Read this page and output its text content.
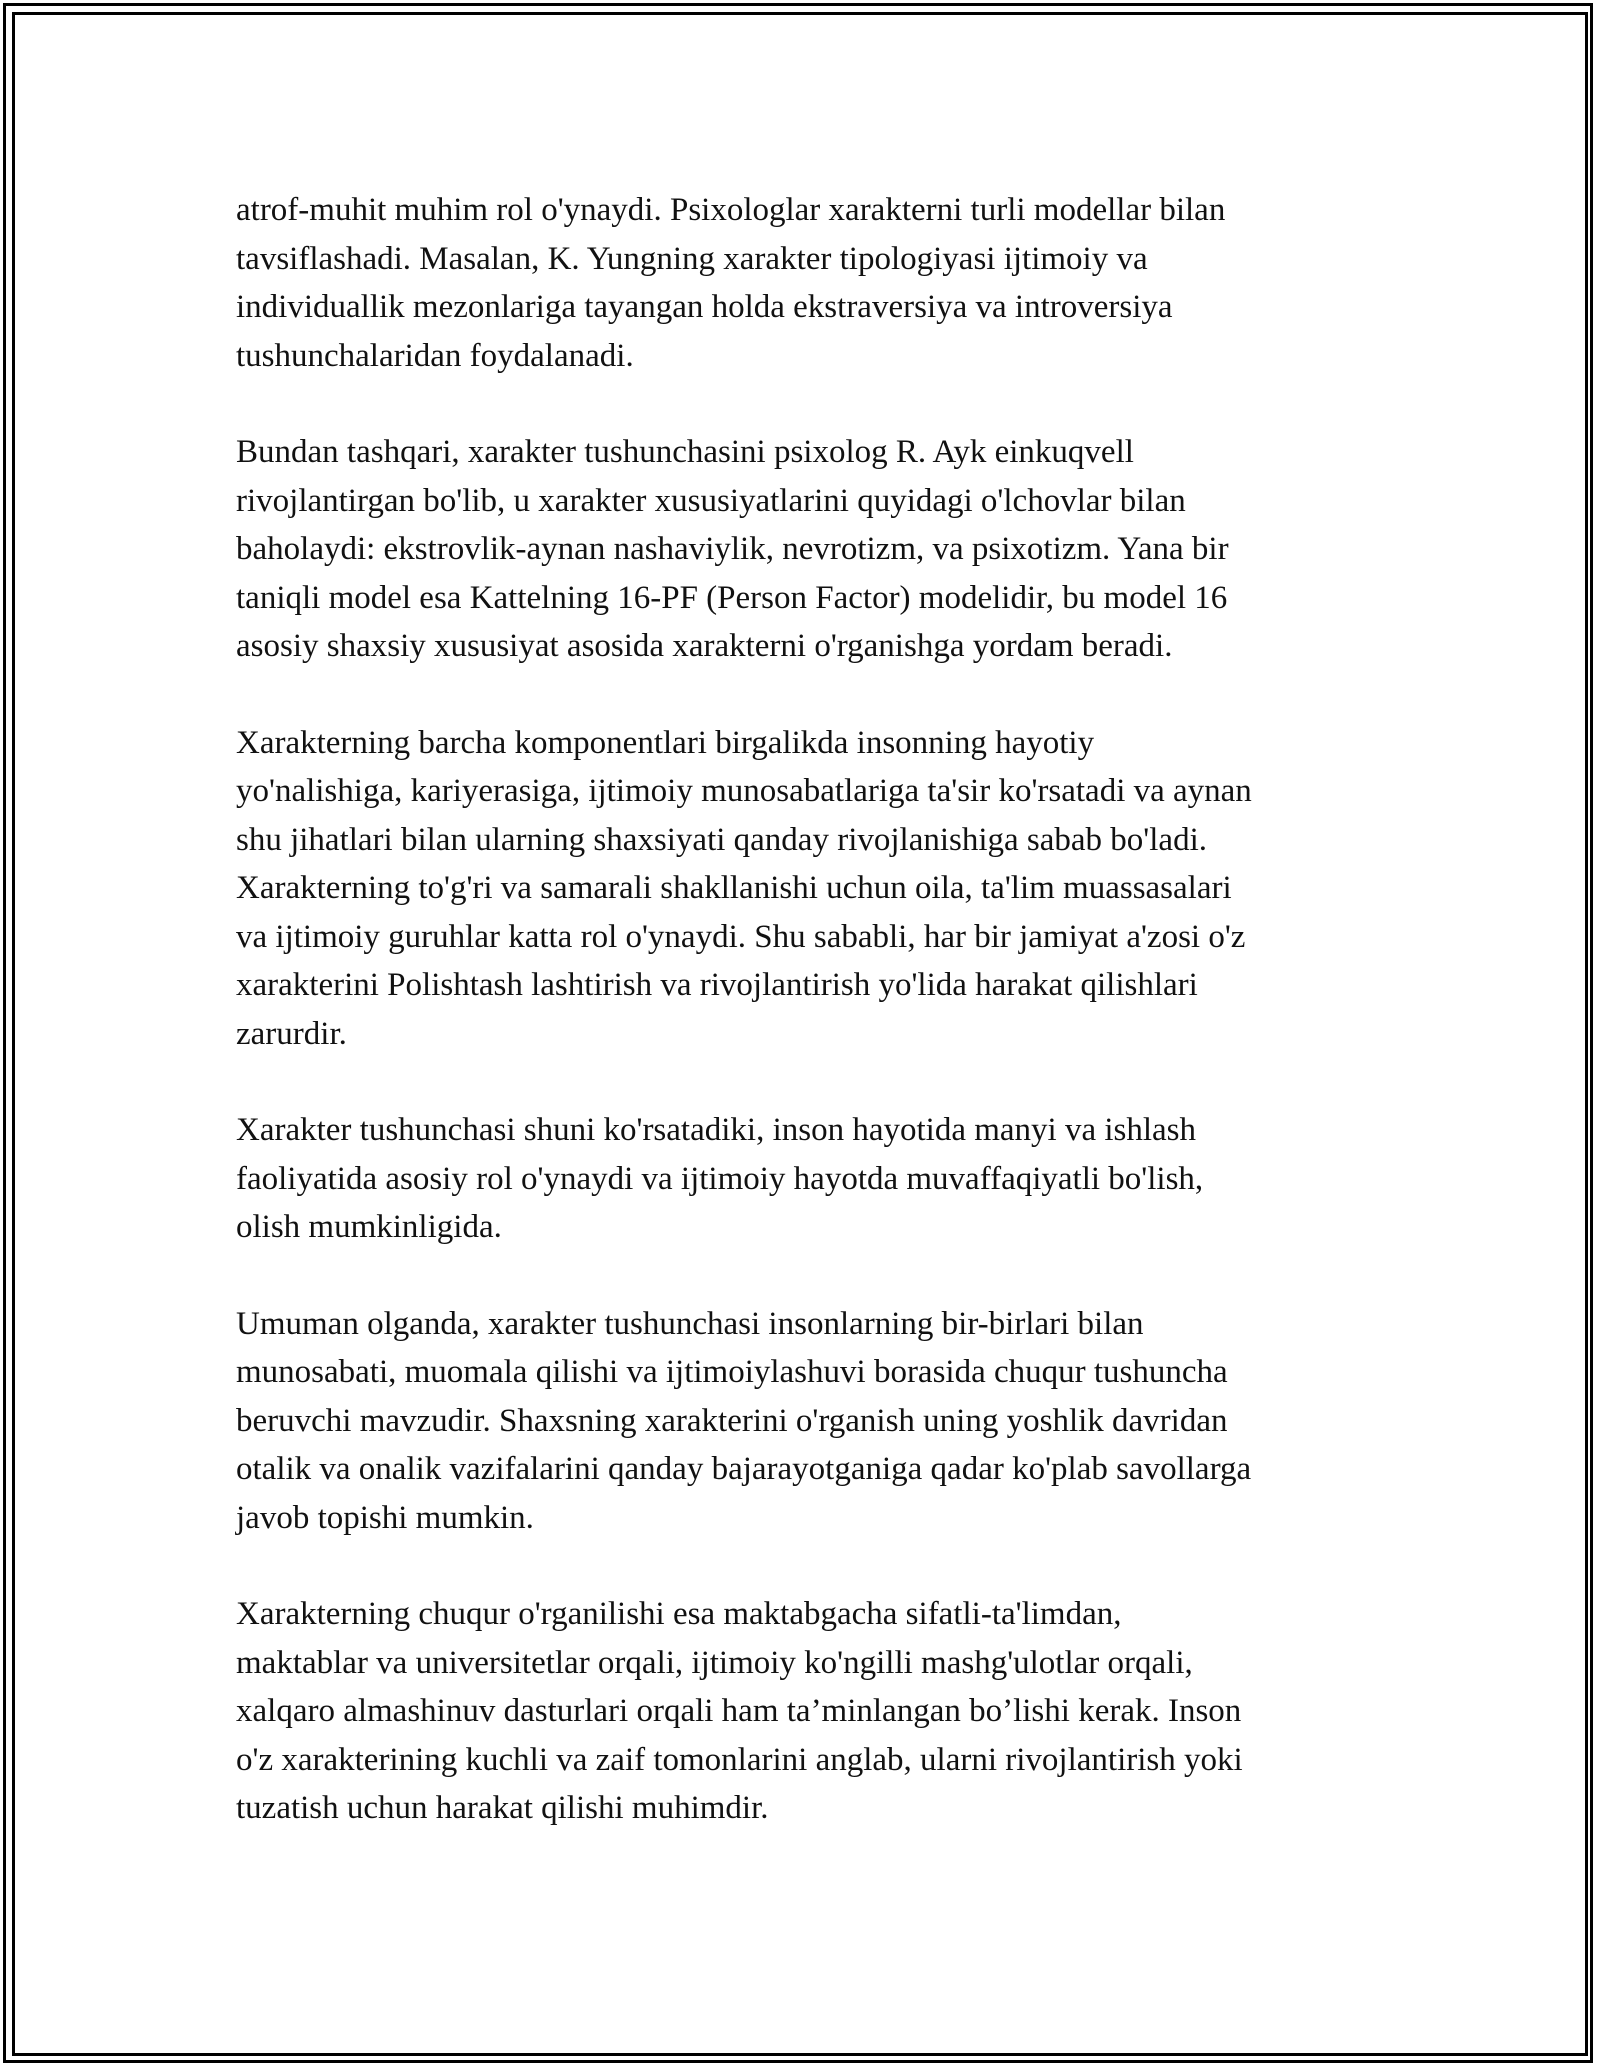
atrof-muhit muhim rol o'ynaydi. Psixologlar xarakterni turli modellar bilan
tavsiflashadi. Masalan, K. Yungning xarakter tipologiyasi ijtimoiy va
individuallik mezonlariga tayangan holda ekstraversiya va introversiya
tushunchalaridan foydalanadi.

Bundan tashqari, xarakter tushunchasini psixolog R. Ayk einkuqvell
rivojlantirgan bo'lib, u xarakter xususiyatlarini quyidagi o'lchovlar bilan
baholaydi: ekstrovlik-aynan nashaviylik, nevrotizm, va psixotizm. Yana bir
taniqli model esa Kattelning 16-PF (Person Factor) modelidir, bu model 16
asosiy shaxsiy xususiyat asosida xarakterni o'rganishga yordam beradi.

Xarakterning barcha komponentlari birgalikda insonning hayotiy
yo'nalishiga, kariyerasiga, ijtimoiy munosabatlariga ta'sir ko'rsatadi va aynan
shu jihatlari bilan ularning shaxsiyati qanday rivojlanishiga sabab bo'ladi.
Xarakterning to'g'ri va samarali shakllanishi uchun oila, ta'lim muassasalari
va ijtimoiy guruhlar katta rol o'ynaydi. Shu sababli, har bir jamiyat a'zosi o'z
xarakterini Polishtash lashtirish va rivojlantirish yo'lida harakat qilishlari
zarurdir.

Xarakter tushunchasi shuni ko'rsatadiki, inson hayotida manyi va ishlash
faoliyatida asosiy rol o'ynaydi va ijtimoiy hayotda muvaffaqiyatli bo'lish,
olish mumkinligida.

Umuman olganda, xarakter tushunchasi insonlarning bir-birlari bilan
munosabati, muomala qilishi va ijtimoiylashuvi borasida chuqur tushuncha
beruvchi mavzudir. Shaxsning xarakterini o'rganish uning yoshlik davridan
otalik va onalik vazifalarini qanday bajarayotganiga qadar ko'plab savollarga
javob topishi mumkin.

Xarakterning chuqur o'rganilishi esa maktabgacha sifatli-ta'limdan,
maktablar va universitetlar orqali, ijtimoiy ko'ngilli mashg'ulotlar orqali,
xalqaro almashinuv dasturlari orqali ham ta’minlangan bo’lishi kerak. Inson
o'z xarakterining kuchli va zaif tomonlarini anglab, ularni rivojlantirish yoki
tuzatish uchun harakat qilishi muhimdir.
